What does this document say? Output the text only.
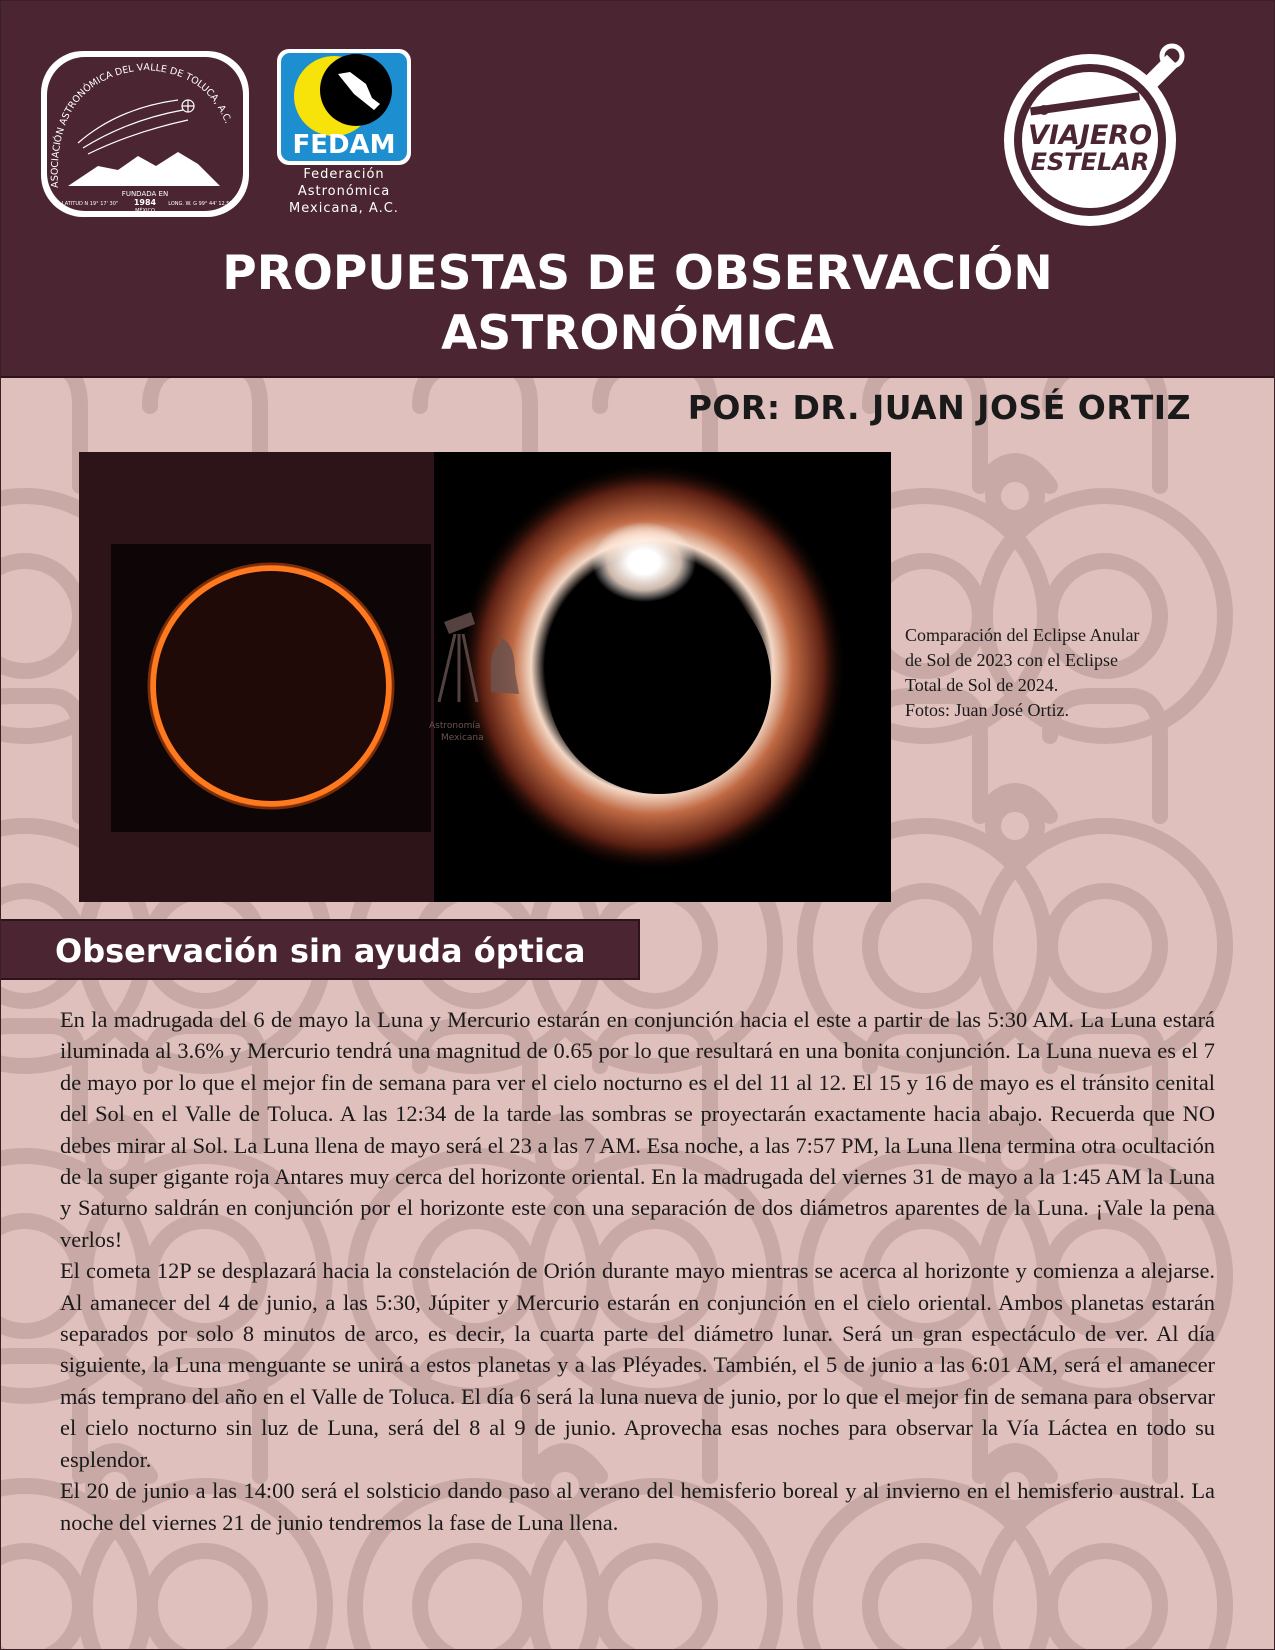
ASOCIACIÓN ASTRONÓMICA DEL VALLE DE TOLUCA, A.C.
FUNDADA EN
1984
MÉXICO
LATITUD N 19° 17' 30"	LONG. W. G 99° 44' 12.5"
FEDAM
Federación
Astronómica
Mexicana, A.C.
VIAJERO
ESTELAR
PROPUESTAS DE OBSERVACIÓN
ASTRONÓMICA
POR: DR. JUAN JOSÉ ORTIZ
Astronomía
Mexicana
Comparación del Eclipse Anular
de Sol de 2023 con el Eclipse
Total de Sol de 2024.
Fotos: Juan José Ortiz.
Observación sin ayuda óptica

En la madrugada del 6 de mayo la Luna y Mercurio estarán en conjunción hacia el este a partir de las 5:30 AM. La Luna estará iluminada al 3.6% y Mercurio tendrá una magnitud de 0.65 por lo que resultará en una bonita conjunción. La Luna nueva es el 7 de mayo por lo que el mejor fin de semana para ver el cielo nocturno es el del 11 al 12. El 15 y 16 de mayo es el tránsito cenital del Sol en el Valle de Toluca. A las 12:34 de la tarde las sombras se proyectarán exactamente hacia abajo. Recuerda que NO debes mirar al Sol. La Luna llena de mayo será el 23 a las 7 AM. Esa noche, a las 7:57 PM, la Luna llena termina otra ocultación de la super gigante roja Antares muy cerca del horizonte oriental. En la madrugada del viernes 31 de mayo a la 1:45 AM la Luna y Saturno saldrán en conjunción por el horizonte este con una separación de dos diámetros aparentes de la Luna. ¡Vale la pena verlos!

El cometa 12P se desplazará hacia la constelación de Orión durante mayo mientras se acerca al horizonte y comienza a alejarse. Al amanecer del 4 de junio, a las 5:30, Júpiter y Mercurio estarán en conjunción en el cielo oriental. Ambos planetas estarán separados por solo 8 minutos de arco, es decir, la cuarta parte del diámetro lunar. Será un gran espectáculo de ver. Al día siguiente, la Luna menguante se unirá a estos planetas y a las Pléyades. También, el 5 de junio a las 6:01 AM, será el amanecer más temprano del año en el Valle de Toluca. El día 6 será la luna nueva de junio, por lo que el mejor fin de semana para observar el cielo nocturno sin luz de Luna, será del 8 al 9 de junio. Aprovecha esas noches para observar la Vía Láctea en todo su esplendor.

El 20 de junio a las 14:00 será el solsticio dando paso al verano del hemisferio boreal y al invierno en el hemisferio austral. La noche del viernes 21 de junio tendremos la fase de Luna llena.
